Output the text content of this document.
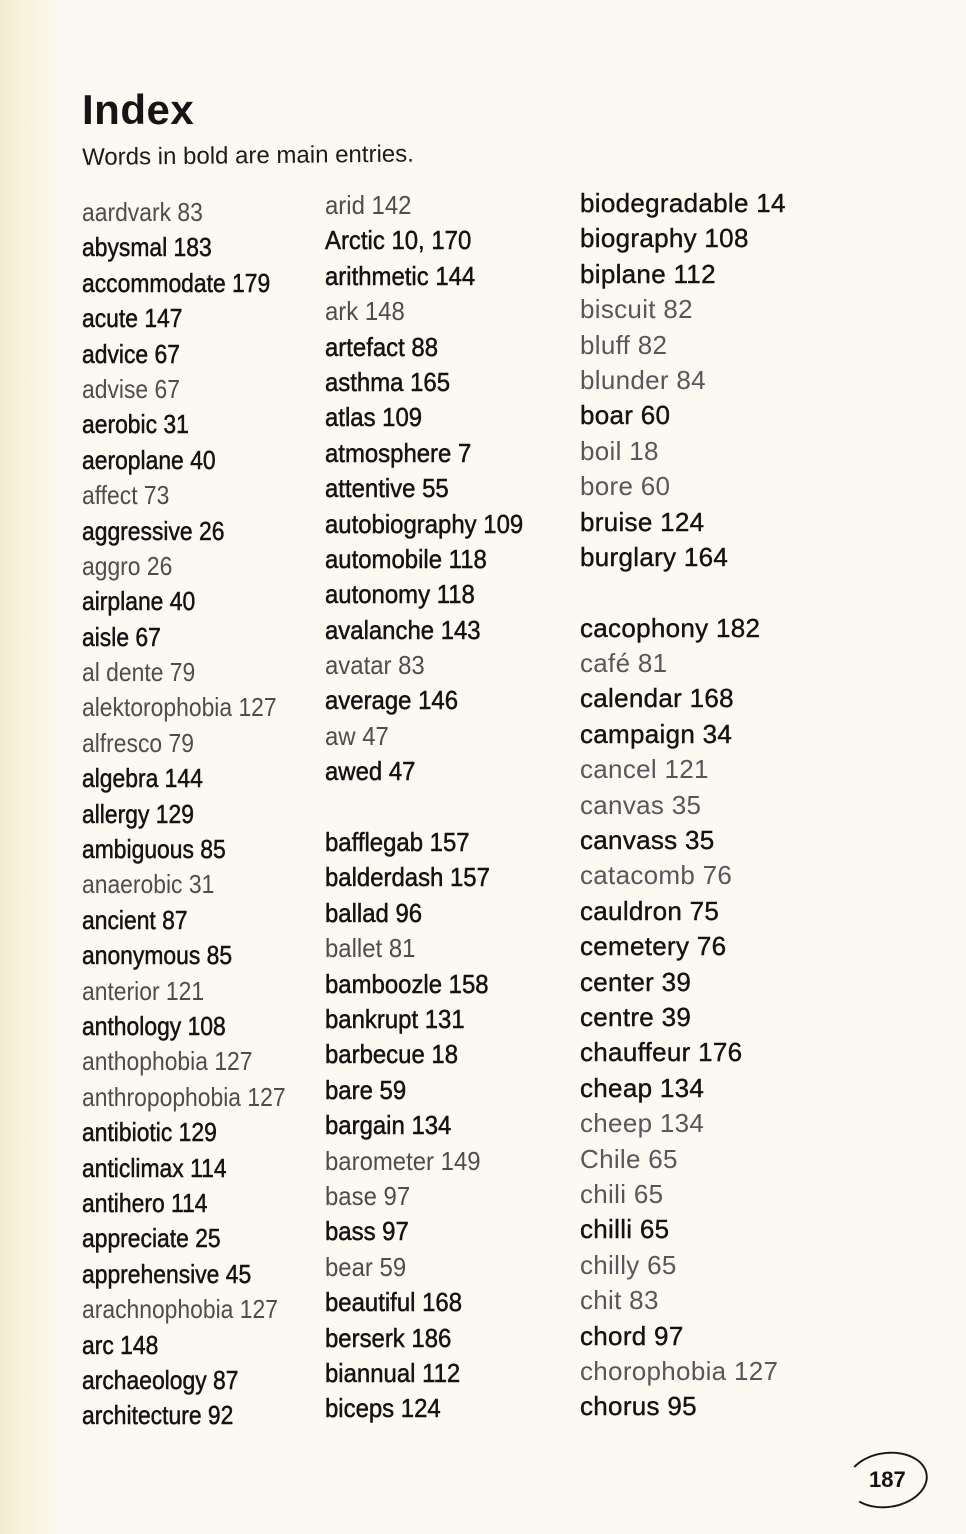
Index
Words in bold are main entries.
aardvark 83
abysmal 183
accommodate 179
acute 147
advice 67
advise 67
aerobic 31
aeroplane 40
affect 73
aggressive 26
aggro 26
airplane 40
aisle 67
al dente 79
alektorophobia 127
alfresco 79
algebra 144
allergy 129
ambiguous 85
anaerobic 31
ancient 87
anonymous 85
anterior 121
anthology 108
anthophobia 127
anthropophobia 127
antibiotic 129
anticlimax 114
antihero 114
appreciate 25
apprehensive 45
arachnophobia 127
arc 148
archaeology 87
architecture 92
arid 142
Arctic 10, 170
arithmetic 144
ark 148
artefact 88
asthma 165
atlas 109
atmosphere 7
attentive 55
autobiography 109
automobile 118
autonomy 118
avalanche 143
avatar 83
average 146
aw 47
awed 47
bafflegab 157
balderdash 157
ballad 96
ballet 81
bamboozle 158
bankrupt 131
barbecue 18
bare 59
bargain 134
barometer 149
base 97
bass 97
bear 59
beautiful 168
berserk 186
biannual 112
biceps 124
biodegradable 14
biography 108
biplane 112
biscuit 82
bluff 82
blunder 84
boar 60
boil 18
bore 60
bruise 124
burglary 164
cacophony 182
café 81
calendar 168
campaign 34
cancel 121
canvas 35
canvass 35
catacomb 76
cauldron 75
cemetery 76
center 39
centre 39
chauffeur 176
cheap 134
cheep 134
Chile 65
chili 65
chilli 65
chilly 65
chit 83
chord 97
chorophobia 127
chorus 95
187
